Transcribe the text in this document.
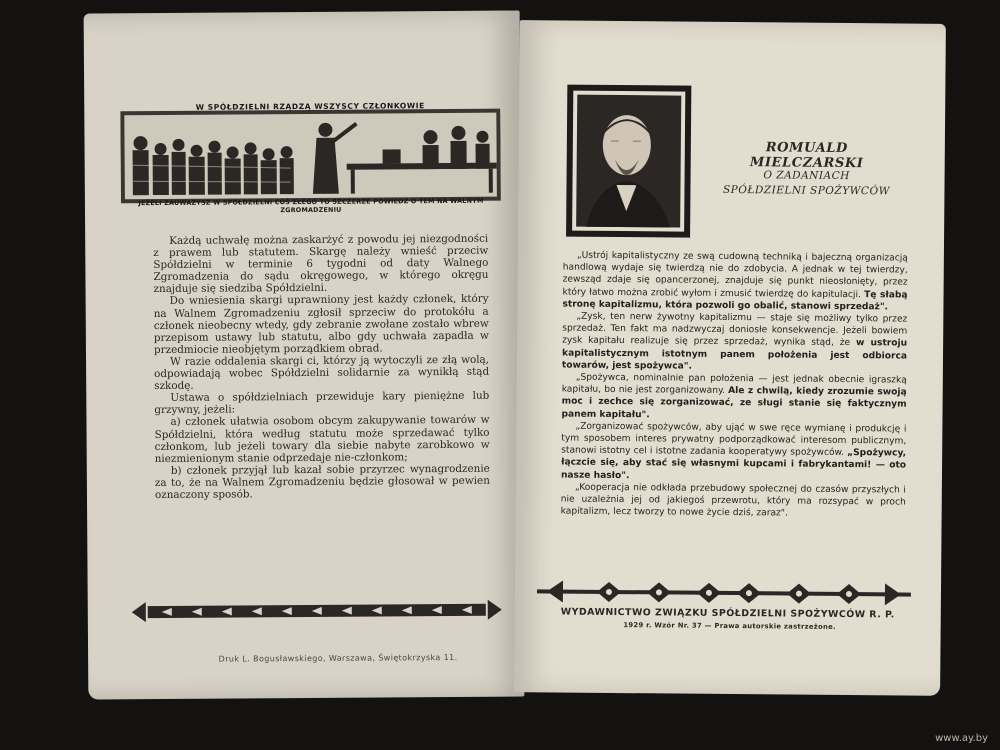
W SPÓŁDZIELNI RZĄDZĄ WSZYSCY CZŁONKOWIE
JEŻELI ZAUWAŻYSZ W SPÓŁDZIELNI COŚ ZŁEGO TO SZCZERZE POWIEDZ O TEM NA WALNYM ZGROMADZENIU

Każdą uchwałę można zaskarżyć z powodu jej niezgodności z prawem lub statutem. Skargę należy wnieść przeciw Spółdzielni w terminie 6 tygodni od daty Walnego Zgromadzenia do sądu okręgowego, w którego okręgu znajduje się siedziba Spółdzielni.

Do wniesienia skargi uprawniony jest każdy członek, który na Walnem Zgromadzeniu zgłosił sprzeciw do protokółu a członek nieobecny wtedy, gdy zebranie zwołane zostało wbrew przepisom ustawy lub statutu, albo gdy uchwała zapadła w przedmiocie nieobjętym porządkiem obrad.

W razie oddalenia skargi ci, którzy ją wytoczyli ze złą wolą, odpowiadają wobec Spółdzielni solidarnie za wynikłą stąd szkodę.

Ustawa o spółdzielniach przewiduje kary pieniężne lub grzywny, jeżeli:

a) członek ułatwia osobom obcym zakupywanie towarów w Spółdzielni, która według statutu może sprzedawać tylko członkom, lub jeżeli towary dla siebie nabyte zarobkowo w niezmienionym stanie odprzedaje nie-członkom;

b) członek przyjął lub kazał sobie przyrzec wynagrodzenie za to, że na Walnem Zgromadzeniu będzie głosował w pewien oznaczony sposób.

Druk L. Bogusławskiego, Warszawa, Świętokrzyska 11.
ROMUALD MIELCZARSKI
O ZADANIACH
SPÓŁDZIELNI SPOŻYWCÓW

„Ustrój kapitalistyczny ze swą cudowną techniką i bajeczną organizacją handlową wydaje się twierdzą nie do zdobycia. A jednak w tej twierdzy, zewsząd zdaje się opancerzonej, znajduje się punkt nieosłonięty, przez który łatwo można zrobić wyłom i zmusić twierdzę do kapitulacji. Tę słabą stronę kapitalizmu, która pozwoli go obalić, stanowi sprzedaż".

„Zysk, ten nerw żywotny kapitalizmu — staje się możliwy tylko przez sprzedaż. Ten fakt ma nadzwyczaj doniosłe konsekwencje. Jeżeli bowiem zysk kapitału realizuje się przez sprzedaż, wynika stąd, że w ustroju kapitalistycznym istotnym panem położenia jest odbiorca towarów, jest spożywca".

„Spożywca, nominalnie pan położenia — jest jednak obecnie igraszką kapitału, bo nie jest zorganizowany. Ale z chwilą, kiedy zrozumie swoją moc i zechce się zorganizować, ze sługi stanie się faktycznym panem kapitału".

„Zorganizować spożywców, aby ująć w swe ręce wymianę i produkcję i tym sposobem interes prywatny podporządkować interesom publicznym, stanowi istotny cel i istotne zadania kooperatywy spożywców. „Spożywcy, łączcie się, aby stać się własnymi kupcami i fabrykantami! — oto nasze hasło".

„Kooperacja nie odkłada przebudowy społecznej do czasów przyszłych i nie uzależnia jej od jakiegoś przewrotu, który ma rozsypać w proch kapitalizm, lecz tworzy to nowe życie dziś, zaraz".

WYDAWNICTWO ZWIĄZKU SPÓŁDZIELNI SPOŻYWCÓW R. P.
1929 r. Wzór Nr. 37 — Prawa autorskie zastrzeżone.
www.ay.by
